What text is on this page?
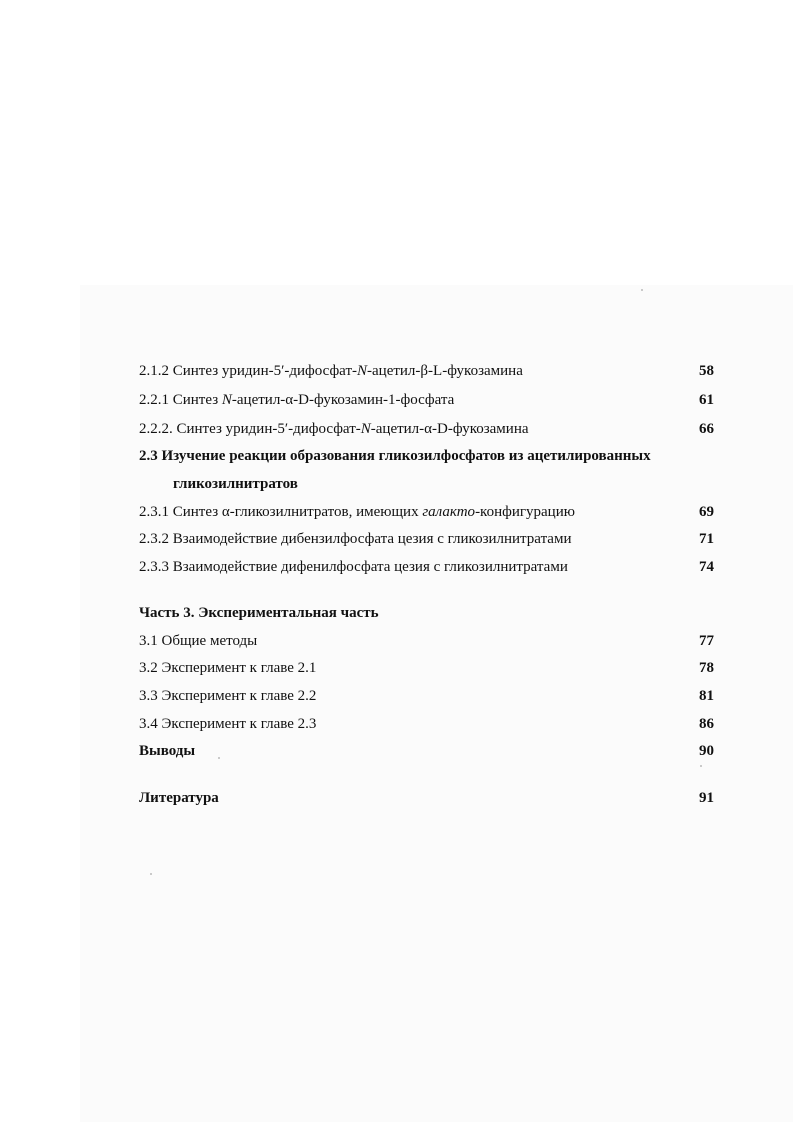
2.1.2 Синтез уридин-5′-дифосфат-N-ацетил-β-L-фукозамина	58
2.2.1 Синтез N-ацетил-α-D-фукозамин-1-фосфата	61
2.2.2. Синтез уридин-5′-дифосфат-N-ацетил-α-D-фукозамина	66
2.3 Изучение реакции образования гликозилфосфатов из ацетилированных
гликозилнитратов
2.3.1 Синтез α-гликозилнитратов, имеющих галакто-конфигурацию	69
2.3.2 Взаимодействие дибензилфосфата цезия с гликозилнитратами	71
2.3.3 Взаимодействие дифенилфосфата цезия с гликозилнитратами	74
Часть 3. Экспериментальная часть
3.1 Общие методы	77
3.2 Эксперимент к главе 2.1	78
3.3 Эксперимент к главе 2.2	81
3.4 Эксперимент к главе 2.3	86
Выводы	90
Литература	91
